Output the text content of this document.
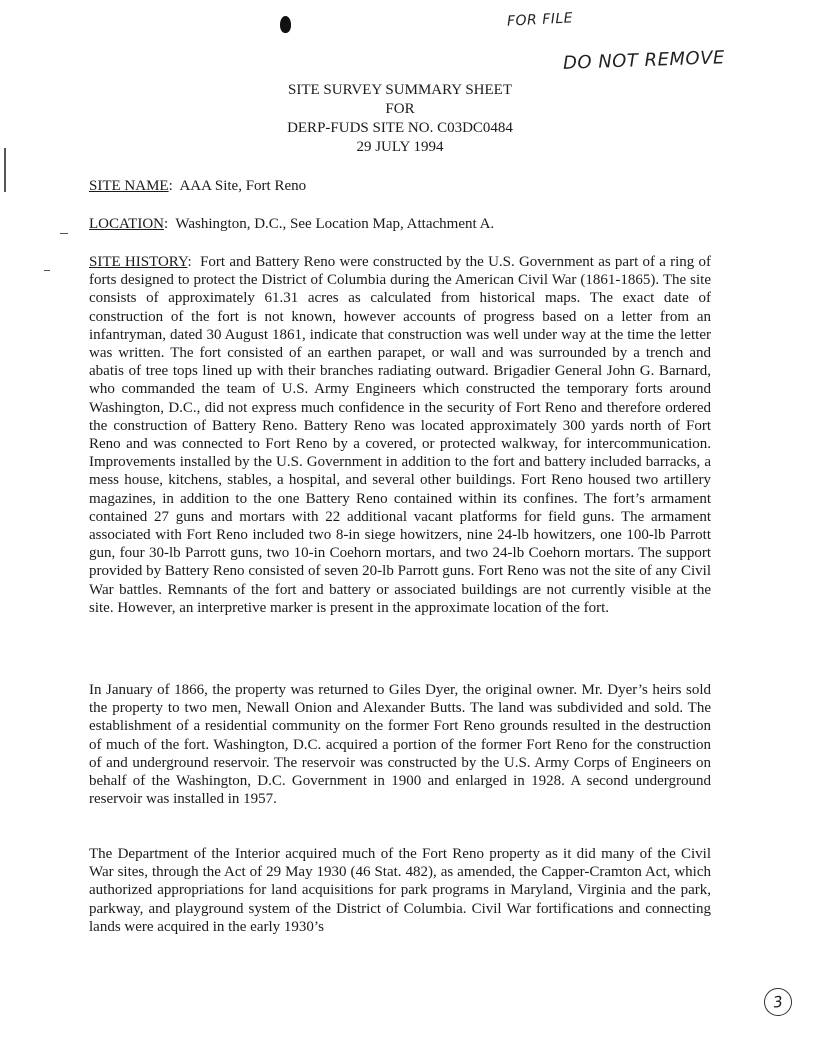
FOR FILE
DO NOT REMOVE
SITE SURVEY SUMMARY SHEET
FOR
DERP-FUDS SITE NO. C03DC0484
29 JULY 1994
SITE NAME: AAA Site, Fort Reno
LOCATION: Washington, D.C., See Location Map, Attachment A.
SITE HISTORY: Fort and Battery Reno were constructed by the U.S. Government as part of a ring of forts designed to protect the District of Columbia during the American Civil War (1861-1865). The site consists of approximately 61.31 acres as calculated from historical maps. The exact date of construction of the fort is not known, however accounts of progress based on a letter from an infantryman, dated 30 August 1861, indicate that construction was well under way at the time the letter was written. The fort consisted of an earthen parapet, or wall and was surrounded by a trench and abatis of tree tops lined up with their branches radiating outward. Brigadier General John G. Barnard, who commanded the team of U.S. Army Engineers which constructed the temporary forts around Washington, D.C., did not express much confidence in the security of Fort Reno and therefore ordered the construction of Battery Reno. Battery Reno was located approximately 300 yards north of Fort Reno and was connected to Fort Reno by a covered, or protected walkway, for intercommunication. Improvements installed by the U.S. Government in addition to the fort and battery included barracks, a mess house, kitchens, stables, a hospital, and several other buildings. Fort Reno housed two artillery magazines, in addition to the one Battery Reno contained within its confines. The fort’s armament contained 27 guns and mortars with 22 additional vacant platforms for field guns. The armament associated with Fort Reno included two 8-in siege howitzers, nine 24-lb howitzers, one 100-lb Parrott gun, four 30-lb Parrott guns, two 10-in Coehorn mortars, and two 24-lb Coehorn mortars. The support provided by Battery Reno consisted of seven 20-lb Parrott guns. Fort Reno was not the site of any Civil War battles. Remnants of the fort and battery or associated buildings are not currently visible at the site. However, an interpretive marker is present in the approximate location of the fort.
In January of 1866, the property was returned to Giles Dyer, the original owner. Mr. Dyer’s heirs sold the property to two men, Newall Onion and Alexander Butts. The land was subdivided and sold. The establishment of a residential community on the former Fort Reno grounds resulted in the destruction of much of the fort. Washington, D.C. acquired a portion of the former Fort Reno for the construction of and underground reservoir. The reservoir was constructed by the U.S. Army Corps of Engineers on behalf of the Washington, D.C. Government in 1900 and enlarged in 1928. A second underground reservoir was installed in 1957.
The Department of the Interior acquired much of the Fort Reno property as it did many of the Civil War sites, through the Act of 29 May 1930 (46 Stat. 482), as amended, the Capper-Cramton Act, which authorized appropriations for land acquisitions for park programs in Maryland, Virginia and the park, parkway, and playground system of the District of Columbia. Civil War fortifications and connecting lands were acquired in the early 1930’s
3
